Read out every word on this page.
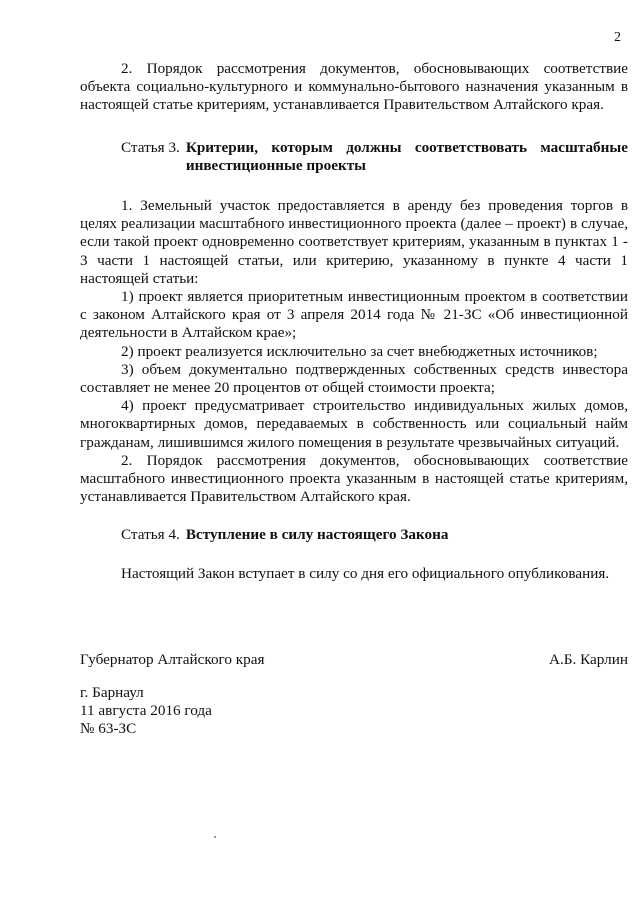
2

2. Порядок рассмотрения документов, обосновывающих соответствие объекта социально-культурного и коммунально-бытового назначения указанным в настоящей статье критериям, устанавливается Правительством Алтайского края.

Статья 3. Критерии, которым должны соответствовать масштабные инвестиционные проекты

1. Земельный участок предоставляется в аренду без проведения торгов в целях реализации масштабного инвестиционного проекта (далее – проект) в случае, если такой проект одновременно соответствует критериям, указанным в пунктах 1 - 3 части 1 настоящей статьи, или критерию, указанному в пункте 4 части 1 настоящей статьи:

1) проект является приоритетным инвестиционным проектом в соответствии с законом Алтайского края от 3 апреля 2014 года № 21-ЗС «Об инвестиционной деятельности в Алтайском крае»;

2) проект реализуется исключительно за счет внебюджетных источников;

3) объем документально подтвержденных собственных средств инвестора составляет не менее 20 процентов от общей стоимости проекта;

4) проект предусматривает строительство индивидуальных жилых домов, многоквартирных домов, передаваемых в собственность или социальный найм гражданам, лишившимся жилого помещения в результате чрезвычайных ситуаций.

2. Порядок рассмотрения документов, обосновывающих соответствие масштабного инвестиционного проекта указанным в настоящей статье критериям, устанавливается Правительством Алтайского края.

Статья 4. Вступление в силу настоящего Закона

Настоящий Закон вступает в силу со дня его официального опубликования.

Губернатор Алтайского края	А.Б. Карлин
г. Барнаул
11 августа 2016 года
№ 63-ЗС
